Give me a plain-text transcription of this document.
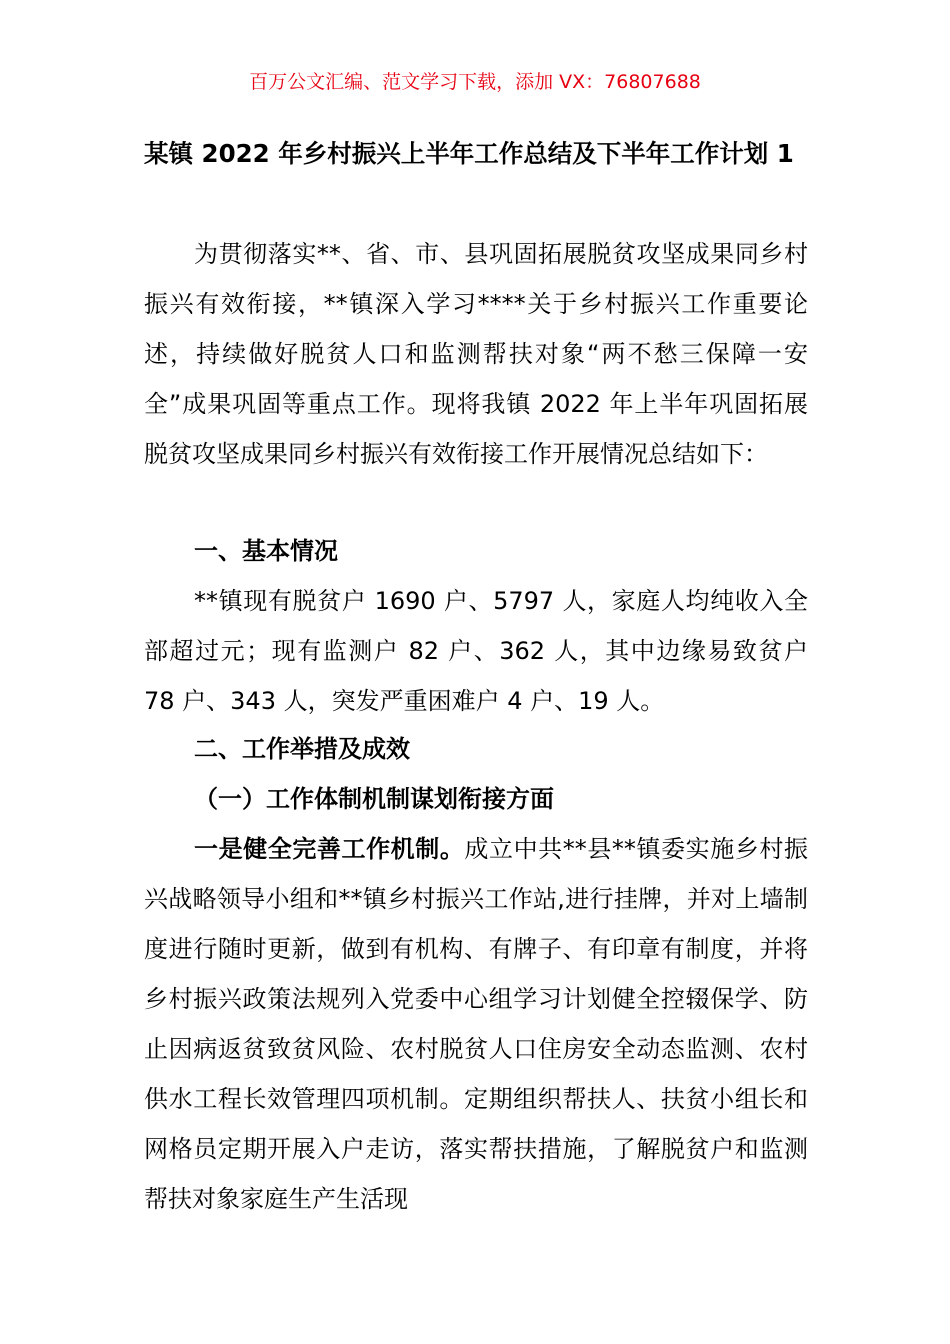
百万公文汇编、范文学习下载，添加 VX：76807688
某镇 2022 年乡村振兴上半年工作总结及下半年工作计划 1

为贯彻落实**、省、市、县巩固拓展脱贫攻坚成果同乡村振兴有效衔接，**镇深入学习****关于乡村振兴工作重要论述，持续做好脱贫人口和监测帮扶对象“两不愁三保障一安全”成果巩固等重点工作。现将我镇 2022 年上半年巩固拓展脱贫攻坚成果同乡村振兴有效衔接工作开展情况总结如下：

一、基本情况

**镇现有脱贫户 1690 户、5797 人，家庭人均纯收入全部超过元；现有监测户 82 户、362 人，其中边缘易致贫户 78 户、343 人，突发严重困难户 4 户、19 人。

二、工作举措及成效
（一）工作体制机制谋划衔接方面

一是健全完善工作机制。成立中共**县**镇委实施乡村振兴战略领导小组和**镇乡村振兴工作站,进行挂牌，并对上墙制度进行随时更新，做到有机构、有牌子、有印章有制度，并将乡村振兴政策法规列入党委中心组学习计划健全控辍保学、防止因病返贫致贫风险、农村脱贫人口住房安全动态监测、农村供水工程长效管理四项机制。定期组织帮扶人、扶贫小组长和网格员定期开展入户走访，落实帮扶措施，了解脱贫户和监测帮扶对象家庭生产生活现
